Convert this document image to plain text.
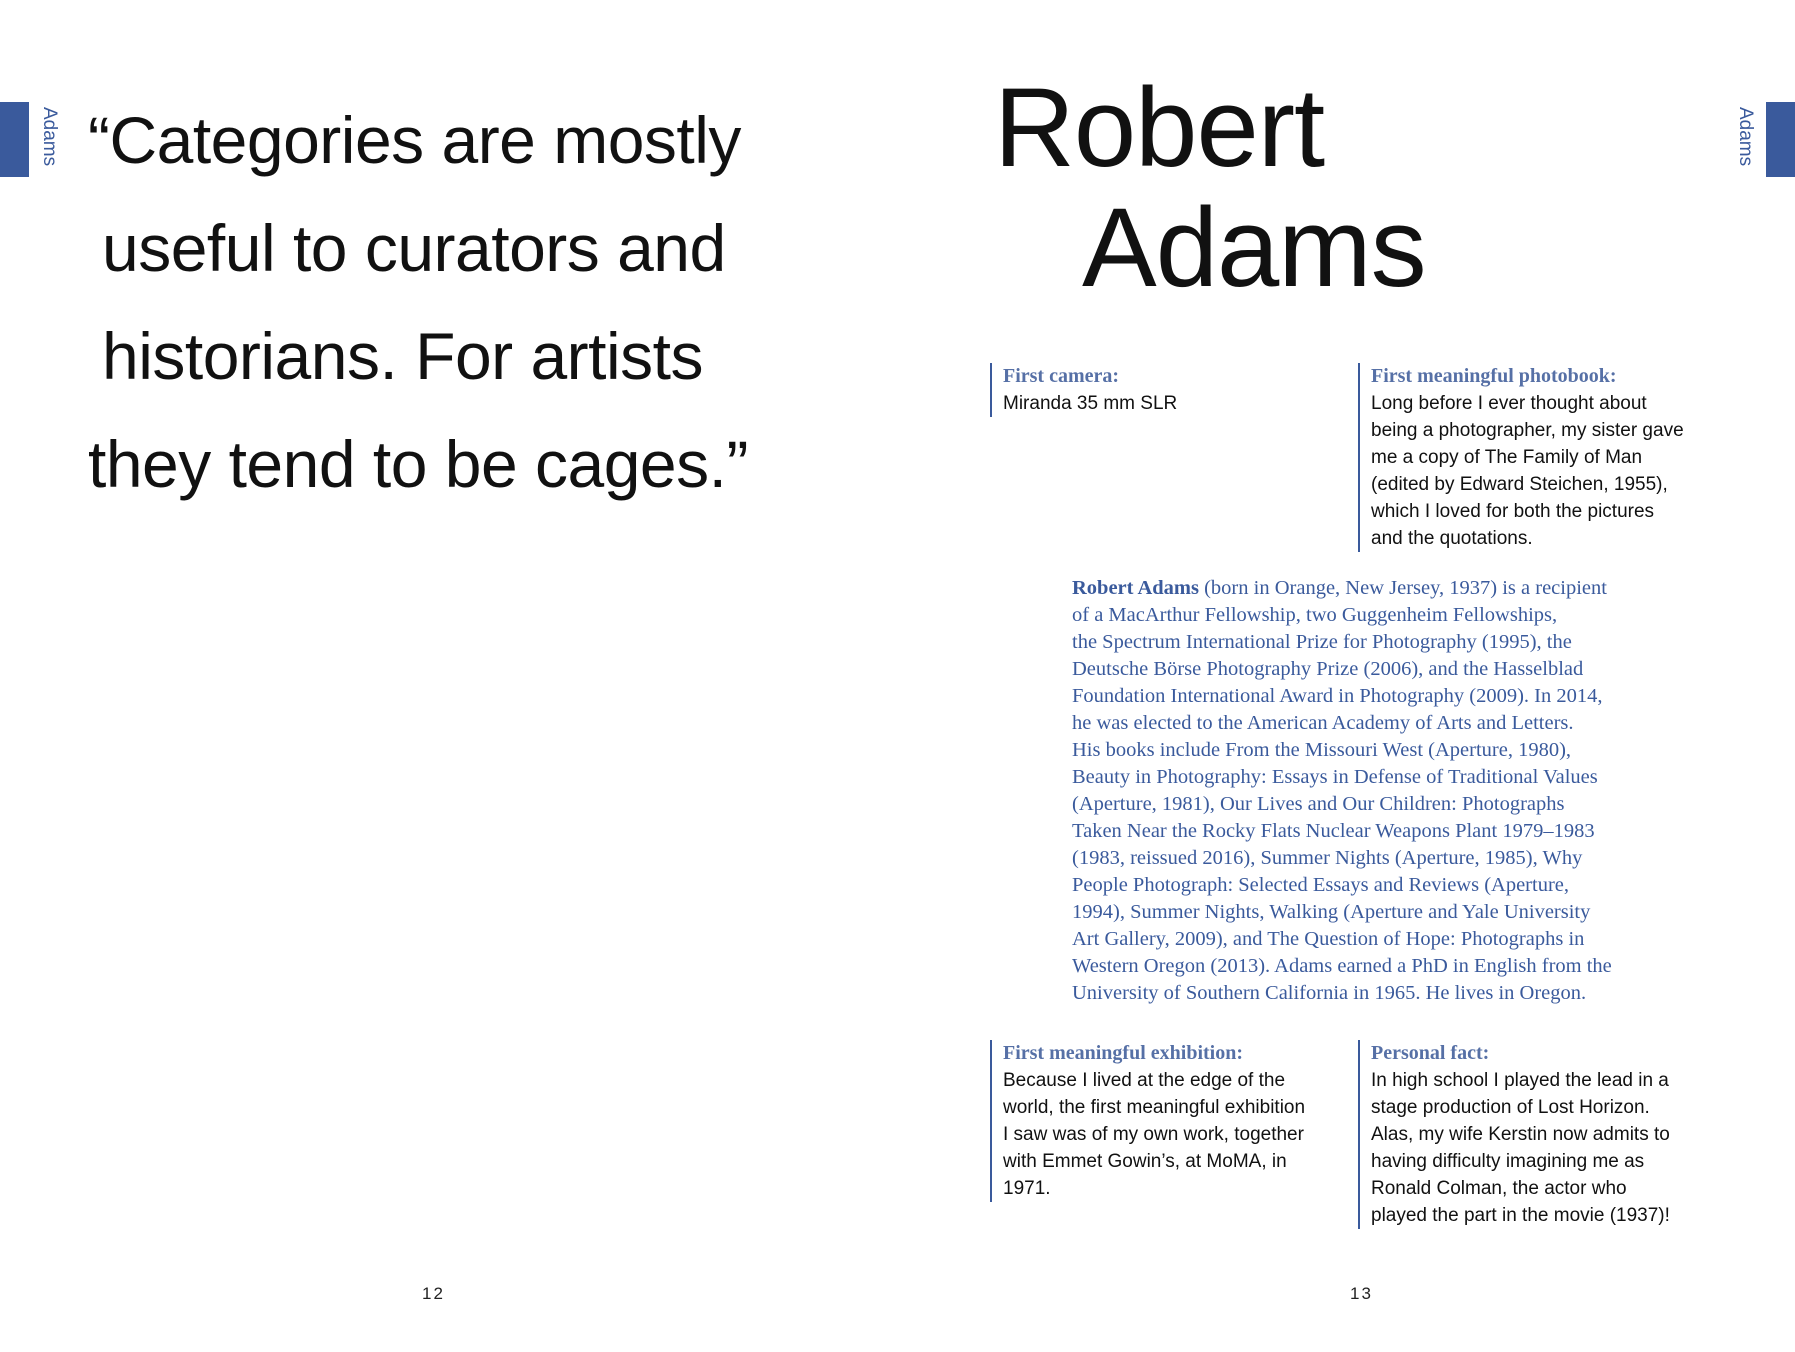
Adams “Categories are mostly
useful to curators and
historians. For artists
they tend to be cages.”
12
Adams
Robert
Adams
First camera:
Miranda 35 mm SLR
First meaningful photobook:
Long before I ever thought about
being a photographer, my sister gave
me a copy of The Family of Man
(edited by Edward Steichen, 1955),
which I loved for both the pictures
and the quotations.
Robert Adams (born in Orange, New Jersey, 1937) is a recipient
of a MacArthur Fellowship, two Guggenheim Fellowships,
the Spectrum International Prize for Photography (1995), the
Deutsche Börse Photography Prize (2006), and the Hasselblad
Foundation International Award in Photography (2009). In 2014,
he was elected to the American Academy of Arts and Letters.
His books include From the Missouri West (Aperture, 1980),
Beauty in Photography: Essays in Defense of Traditional Values
(Aperture, 1981), Our Lives and Our Children: Photographs
Taken Near the Rocky Flats Nuclear Weapons Plant 1979–1983
(1983, reissued 2016), Summer Nights (Aperture, 1985), Why
People Photograph: Selected Essays and Reviews (Aperture,
1994), Summer Nights, Walking (Aperture and Yale University
Art Gallery, 2009), and The Question of Hope: Photographs in
Western Oregon (2013). Adams earned a PhD in English from the
University of Southern California in 1965. He lives in Oregon.
First meaningful exhibition:
Because I lived at the edge of the
world, the first meaningful exhibition
I saw was of my own work, together
with Emmet Gowin’s, at MoMA, in 1971.
Personal fact:
In high school I played the lead in a
stage production of Lost Horizon.
Alas, my wife Kerstin now admits to
having difficulty imagining me as
Ronald Colman, the actor who
played the part in the movie (1937)!
13
